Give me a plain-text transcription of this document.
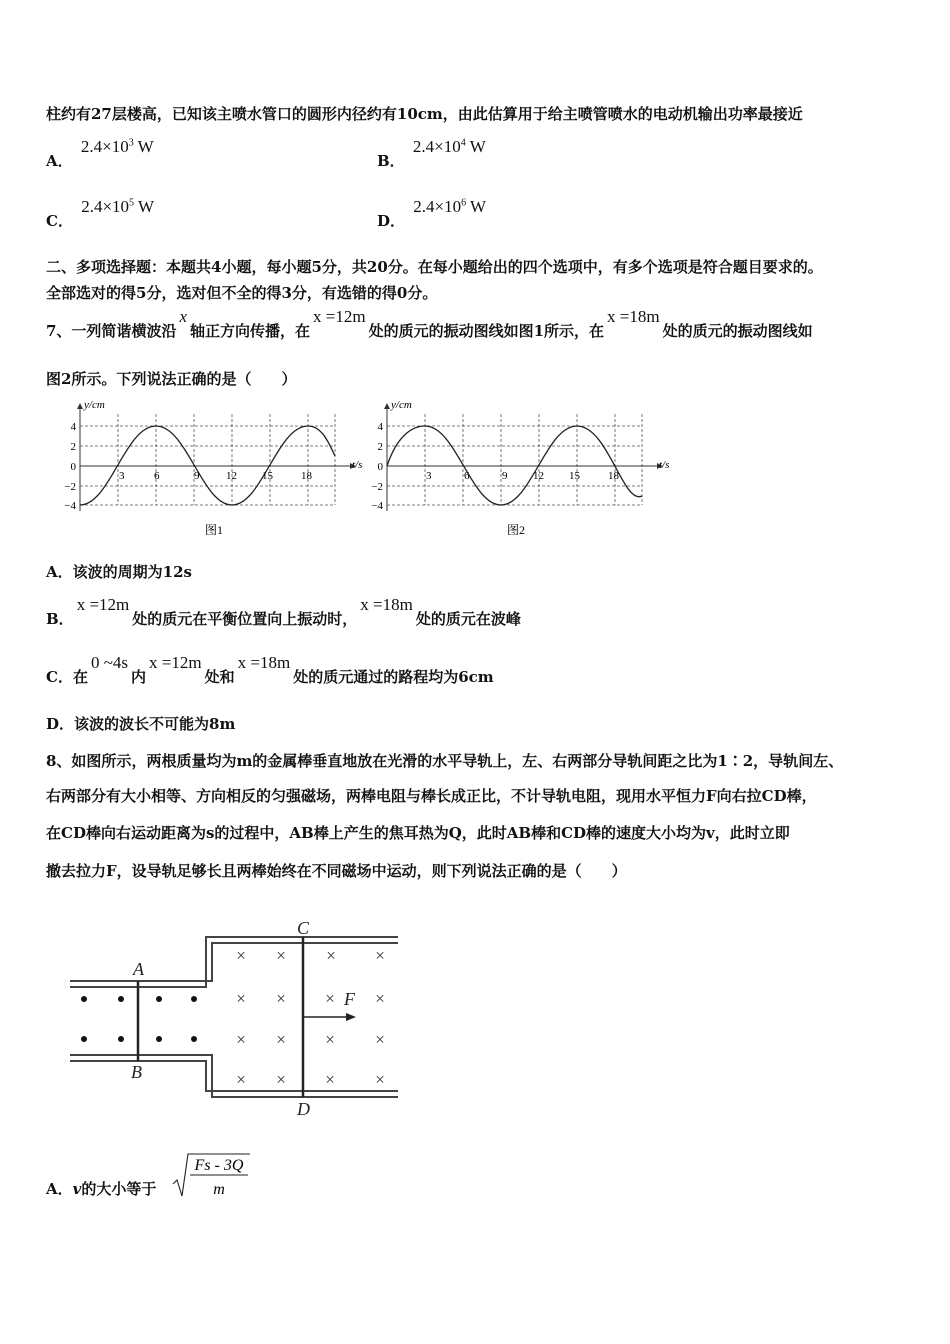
柱约有27层楼高，已知该主喷水管口的圆形内径约有10cm，由此估算用于给主喷管喷水的电动机输出功率最接近
A． $2.4\times 10^3$ W
B． $2.4\times 10^4$ W
C． $2.4\times 10^5$ W
D． $2.4\times 10^6$ W
二、多项选择题：本题共4小题，每小题5分，共20分。在每小题给出的四个选项中，有多个选项是符合题目要求的。
全部选对的得5分，选对但不全的得3分，有选错的得0分。
7、一列简谐横波沿x轴正方向传播，在x =12m处的质元的振动图线如图1所示，在x =18m处的质元的振动图线如
图2所示。下列说法正确的是（　　）
y/cm
t/s
4
2
0
−2
−4
3	6	9 12 15	18
图1
y/cm
t/s
4
2
0
−2
−4
3	6	9 12 15	18
图2
A．该波的周期为12s
B．x =12m处的质元在平衡位置向上振动时，x =18m处的质元在波峰
C．在0 ~4s内x =12m处和x =18m处的质元通过的路程均为6cm
D．该波的波长不可能为8m
8、如图所示，两根质量均为m的金属棒垂直地放在光滑的水平导轨上，左、右两部分导轨间距之比为1∶2，导轨间左、
右两部分有大小相等、方向相反的匀强磁场，两棒电阻与棒长成正比，不计导轨电阻，现用水平恒力F向右拉CD棒，
在CD棒向右运动距离为s的过程中，AB棒上产生的焦耳热为Q，此时AB棒和CD棒的速度大小均为v，此时立即
撤去拉力F，设导轨足够长且两棒始终在不同磁场中运动，则下列说法正确的是（　　）
× × × ×
× × × ×
× × × ×
× × × ×
A
B
C
D
F
A．v的大小等于
Fs - 3Q
m
